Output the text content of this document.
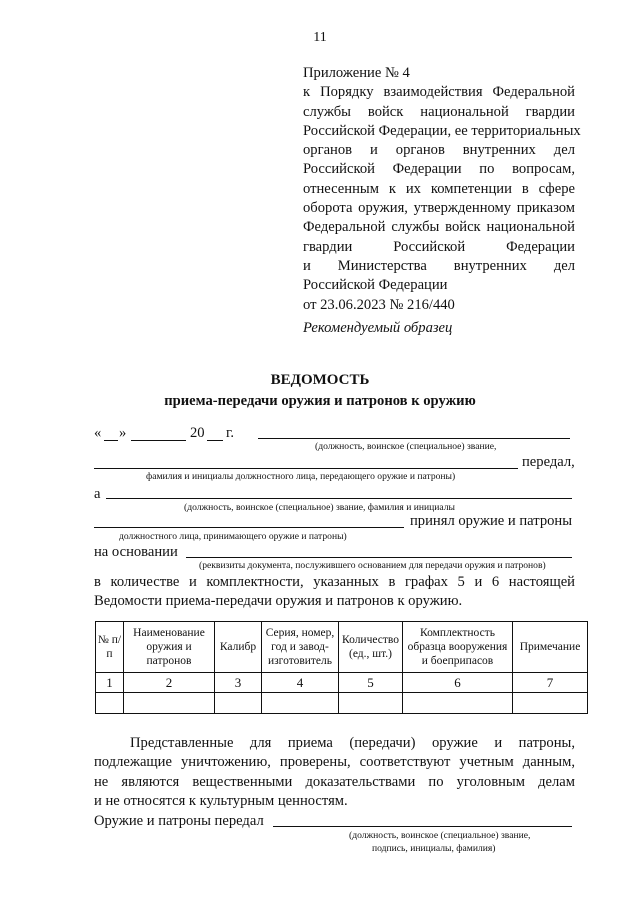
11
Приложение № 4
к Порядку взаимодействия Федеральной
службы войск национальной гвардии
Российской Федерации, ее территориальных
органов и органов внутренних дел
Российской Федерации по вопросам,
отнесенным к их компетенции в сфере
оборота оружия, утвержденному приказом
Федеральной службы войск национальной
гвардии Российской Федерации
и Министерства внутренних дел
Российской Федерации
от 23.06.2023 № 216/440
Рекомендуемый образец
ВЕДОМОСТЬ
приема-передачи оружия и патронов к оружию
« »	20 г.
(должность, воинское (специальное) звание,
передал,
фамилия и инициалы должностного лица, передающего оружие и патроны)
а
(должность, воинское (специальное) звание, фамилия и инициалы
принял оружие и патроны
должностного лица, принимающего оружие и патроны)
на основании
(реквизиты документа, послужившего основанием для передачи оружия и патронов)
в количестве и комплектности, указанных в графах 5 и 6 настоящей
Ведомости приема-передачи оружия и патронов к оружию.
№ п/п	Наименование оружия и патронов	Калибр	Серия, номер, год и завод-изготовитель	Количество (ед., шт.)	Комплектность образца вооружения и боеприпасов	Примечание
1	2	3	4	5	6	7

Представленные для приема (передачи) оружие и патроны,
подлежащие уничтожению, проверены, соответствуют учетным данным,
не являются вещественными доказательствами по уголовным делам
и не относятся к культурным ценностям.
Оружие и патроны передал
(должность, воинское (специальное) звание,
подпись, инициалы, фамилия)
